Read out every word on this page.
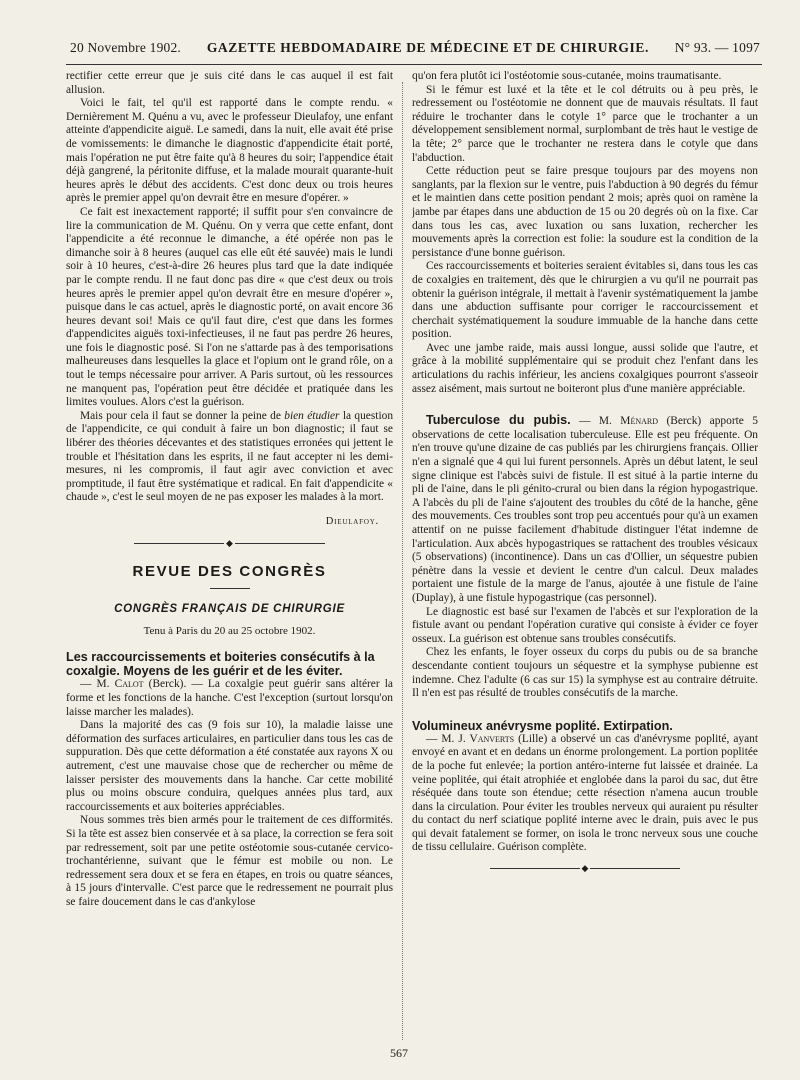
20 Novembre 1902. GAZETTE HEBDOMADAIRE DE MÉDECINE ET DE CHIRURGIE. N° 93. — 1097

rectifier cette erreur que je suis cité dans le cas auquel il est fait allusion.

Voici le fait, tel qu'il est rapporté dans le compte rendu. « Dernièrement M. Quénu a vu, avec le professeur Dieulafoy, une enfant atteinte d'appendicite aiguë. Le samedi, dans la nuit, elle avait été prise de vomissements: le dimanche le diagnostic d'appendicite était porté, mais l'opération ne put être faite qu'à 8 heures du soir; l'appendice était déjà gangrené, la péritonite diffuse, et la malade mourait quarante-huit heures après le début des accidents. C'est donc deux ou trois heures après le premier appel qu'on devrait être en mesure d'opérer. »

Ce fait est inexactement rapporté; il suffit pour s'en convaincre de lire la communication de M. Quénu. On y verra que cette enfant, dont l'appendicite a été reconnue le dimanche, a été opérée non pas le dimanche soir à 8 heures (auquel cas elle eût été sauvée) mais le lundi soir à 10 heures, c'est-à-dire 26 heures plus tard que la date indiquée par le compte rendu. Il ne faut donc pas dire « que c'est deux ou trois heures après le premier appel qu'on devrait être en mesure d'opérer », puisque dans le cas actuel, après le diagnostic porté, on avait encore 36 heures devant soi! Mais ce qu'il faut dire, c'est que dans les formes d'appendicites aiguës toxi-infectieuses, il ne faut pas perdre 26 heures, une fois le diagnostic posé. Si l'on ne s'attarde pas à des temporisations malheureuses dans lesquelles la glace et l'opium ont le grand rôle, on a tout le temps nécessaire pour arriver. A Paris surtout, où les ressources ne manquent pas, l'opération peut être décidée et pratiquée dans les limites voulues. Alors c'est la guérison.

Mais pour cela il faut se donner la peine de bien étudier la question de l'appendicite, ce qui conduit à faire un bon diagnostic; il faut se libérer des théories décevantes et des statistiques erronées qui jettent le trouble et l'hésitation dans les esprits, il ne faut accepter ni les demi-mesures, ni les compromis, il faut agir avec conviction et avec promptitude, il faut être systématique et radical. En fait d'appendicite « chaude », c'est le seul moyen de ne pas exposer les malades à la mort.

Dieulafoy.

◆
REVUE DES CONGRÈS
CONGRÈS FRANÇAIS DE CHIRURGIE

Tenu à Paris du 20 au 25 octobre 1902.

Les raccourcissements et boiteries consécutifs à la coxalgie. Moyens de les guérir et de les éviter.

— M. Calot (Berck). — La coxalgie peut guérir sans altérer la forme et les fonctions de la hanche. C'est l'exception (surtout lorsqu'on laisse marcher les malades).

Dans la majorité des cas (9 fois sur 10), la maladie laisse une déformation des surfaces articulaires, en particulier dans tous les cas de suppuration. Dès que cette déformation a été constatée aux rayons X ou autrement, c'est une mauvaise chose que de rechercher ou même de laisser persister des mouvements dans la hanche. Car cette mobilité plus ou moins obscure conduira, quelques années plus tard, aux raccourcissements et aux boiteries appréciables.

Nous sommes très bien armés pour le traitement de ces difformités. Si la tête est assez bien conservée et à sa place, la correction se fera soit par redressement, soit par une petite ostéotomie sous-cutanée cervico-trochantérienne, suivant que le fémur est mobile ou non. Le redressement sera doux et se fera en étapes, en trois ou quatre séances, à 15 jours d'intervalle. C'est parce que le redressement ne pourrait plus se faire doucement dans le cas d'ankylose

qu'on fera plutôt ici l'ostéotomie sous-cutanée, moins traumatisante.

Si le fémur est luxé et la tête et le col détruits ou à peu près, le redressement ou l'ostéotomie ne donnent que de mauvais résultats. Il faut réduire le trochanter dans le cotyle 1° parce que le trochanter a un développement sensiblement normal, surplombant de très haut le vestige de la tête; 2° parce que le trochanter ne restera dans le cotyle que dans l'abduction.

Cette réduction peut se faire presque toujours par des moyens non sanglants, par la flexion sur le ventre, puis l'abduction à 90 degrés du fémur et le maintien dans cette position pendant 2 mois; après quoi on ramène la jambe par étapes dans une abduction de 15 ou 20 degrés où on la fixe. Car dans tous les cas, avec luxation ou sans luxation, rechercher les mouvements après la correction est folie: la soudure est la condition de la persistance d'une bonne guérison.

Ces raccourcissements et boiteries seraient évitables si, dans tous les cas de coxalgies en traitement, dès que le chirurgien a vu qu'il ne pourrait pas obtenir la guérison intégrale, il mettait à l'avenir systématiquement la jambe dans une abduction suffisante pour corriger le raccourcissement et cherchait systématiquement la soudure immuable de la hanche dans cette position.

Avec une jambe raide, mais aussi longue, aussi solide que l'autre, et grâce à la mobilité supplémentaire qui se produit chez l'enfant dans les articulations du rachis inférieur, les anciens coxalgiques pourront s'asseoir assez aisément, mais surtout ne boiteront plus d'une manière appréciable.

Tuberculose du pubis. — M. Ménard (Berck) apporte 5 observations de cette localisation tuberculeuse. Elle est peu fréquente. On n'en trouve qu'une dizaine de cas publiés par les chirurgiens français. Ollier n'en a signalé que 4 qui lui furent personnels. Après un début latent, le seul signe clinique est l'abcès suivi de fistule. Il est situé à la partie interne du pli de l'aine, dans le pli génito-crural ou bien dans la région hypogastrique. A l'abcès du pli de l'aine s'ajoutent des troubles du côté de la hanche, gêne des mouvements. Ces troubles sont trop peu accentués pour qu'à un examen attentif on ne puisse facilement d'habitude distinguer l'état indemne de l'articulation. Aux abcès hypogastriques se rattachent des troubles vésicaux (5 observations) (incontinence). Dans un cas d'Ollier, un séquestre pubien pénètre dans la vessie et devient le centre d'un calcul. Deux malades portaient une fistule de la marge de l'anus, ajoutée à une fistule de l'aine (Duplay), à une fistule hypogastrique (cas personnel).

Le diagnostic est basé sur l'examen de l'abcès et sur l'exploration de la fistule avant ou pendant l'opération curative qui consiste à évider ce foyer osseux. La guérison est obtenue sans troubles consécutifs.

Chez les enfants, le foyer osseux du corps du pubis ou de sa branche descendante contient toujours un séquestre et la symphyse pubienne est indemne. Chez l'adulte (6 cas sur 15) la symphyse est au contraire détruite. Il n'en est pas résulté de troubles consécutifs de la marche.

Volumineux anévrysme poplité. Extirpation.

— M. J. Vanverts (Lille) a observé un cas d'anévrysme poplité, ayant envoyé en avant et en dedans un énorme prolongement. La portion poplitée de la poche fut enlevée; la portion antéro-interne fut laissée et drainée. La veine poplitée, qui était atrophiée et englobée dans la paroi du sac, dut être réséquée dans toute son étendue; cette résection n'amena aucun trouble dans la circulation. Pour éviter les troubles nerveux qui auraient pu résulter du contact du nerf sciatique poplité interne avec le drain, puis avec le pus qui devait fatalement se former, on isola le tronc nerveux sous une couche de tissu cellulaire. Guérison complète.

◆
567
